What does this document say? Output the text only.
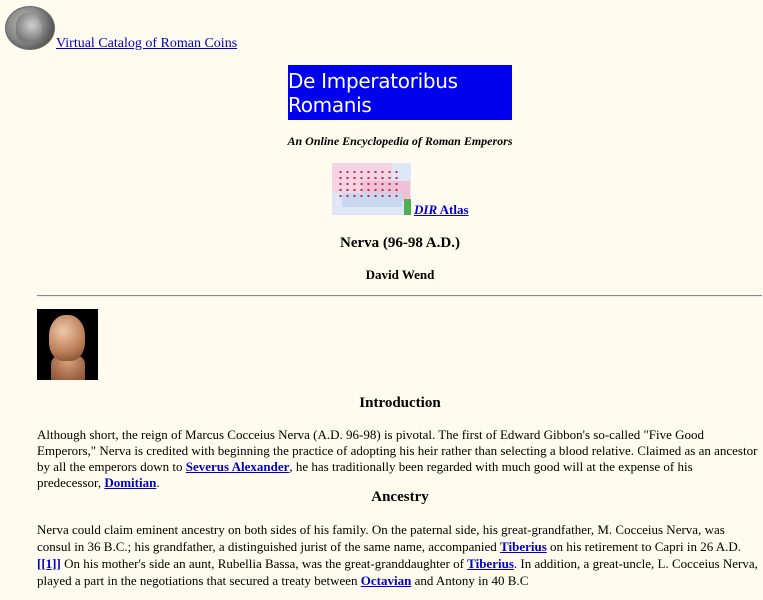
Virtual Catalog of Roman Coins
De Imperatoribus Romanis
An Online Encyclopedia of Roman Emperors
DIR Atlas
Nerva (96-98 A.D.)
David Wend
Introduction
Although short, the reign of Marcus Cocceius Nerva (A.D. 96-98) is pivotal. The first of Edward Gibbon's so-called "Five Good Emperors," Nerva is credited with beginning the practice of adopting his heir rather than selecting a blood relative. Claimed as an ancestor by all the emperors down to Severus Alexander, he has traditionally been regarded with much good will at the expense of his predecessor, Domitian.
Ancestry
Nerva could claim eminent ancestry on both sides of his family. On the paternal side, his great-grandfather, M. Cocceius Nerva, was consul in 36 B.C.; his grandfather, a distinguished jurist of the same name, accompanied Tiberius on his retirement to Capri in 26 A.D.[[1]] On his mother's side an aunt, Rubellia Bassa, was the great-granddaughter of Tiberius. In addition, a great-uncle, L. Cocceius Nerva, played a part in the negotiations that secured a treaty between Octavian and Antony in 40 B.C
